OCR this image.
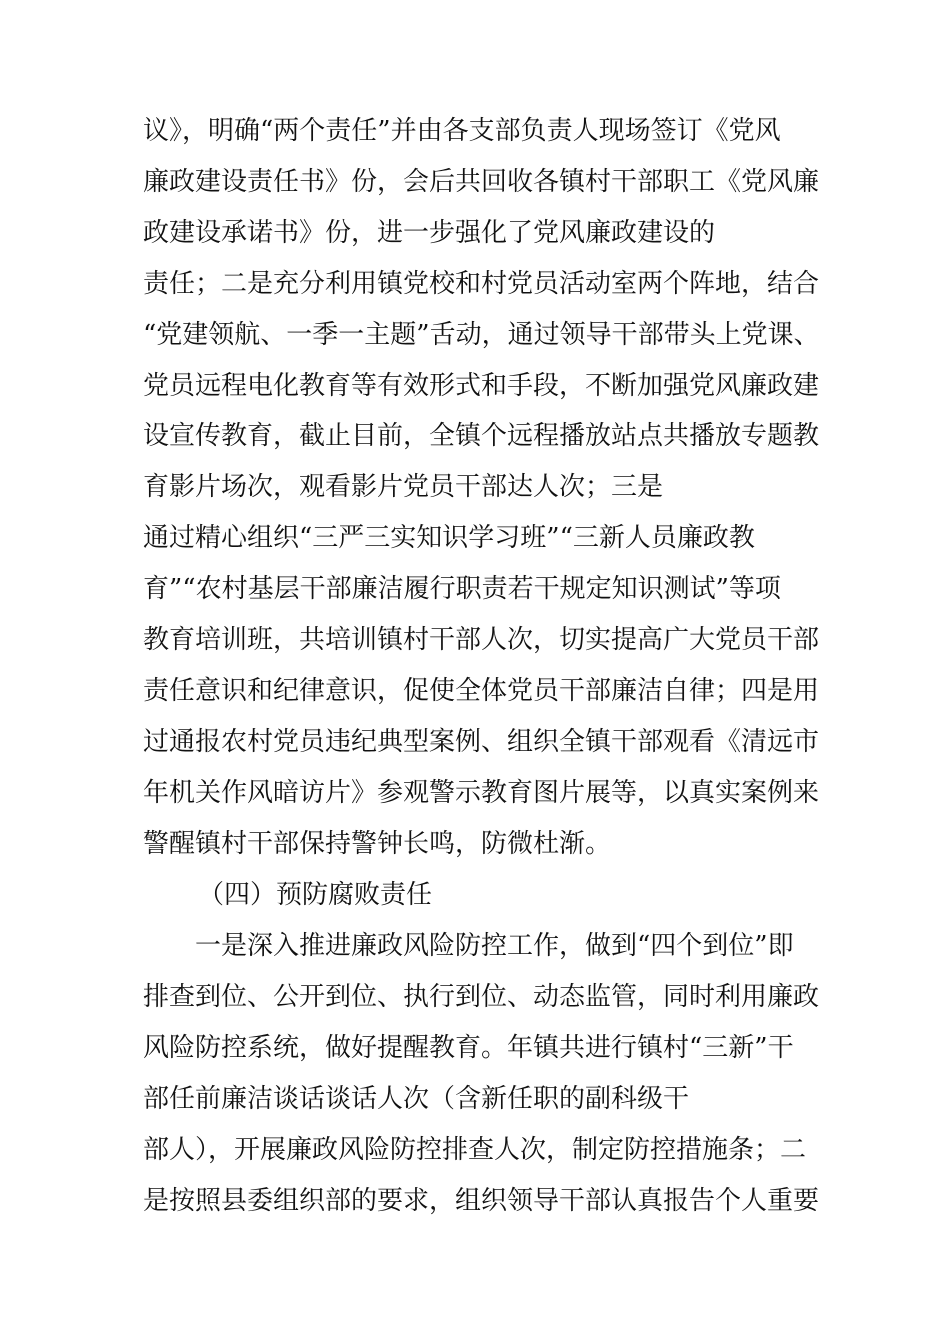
议》，明确“两个责任”并由各支部负责人现场签订《党风
廉政建设责任书》份，会后共回收各镇村干部职工《党风廉
政建设承诺书》份，进一步强化了党风廉政建设的
责任；二是充分利用镇党校和村党员活动室两个阵地，结合
“党建领航、一季一主题”舌动，通过领导干部带头上党课、
党员远程电化教育等有效形式和手段，不断加强党风廉政建
设宣传教育，截止目前，全镇个远程播放站点共播放专题教
育影片场次，观看影片党员干部达人次；三是
通过精心组织“三严三实知识学习班”“三新人员廉政教
育”“农村基层干部廉洁履行职责若干规定知识测试”等项
教育培训班，共培训镇村干部人次，切实提高广大党员干部
责任意识和纪律意识，促使全体党员干部廉洁自律；四是用
过通报农村党员违纪典型案例、组织全镇干部观看《清远市
年机关作风暗访片》参观警示教育图片展等，以真实案例来
警醒镇村干部保持警钟长鸣，防微杜渐。
（四）预防腐败责任
一是深入推进廉政风险防控工作，做到“四个到位”即
排查到位、公开到位、执行到位、动态监管，同时利用廉政
风险防控系统，做好提醒教育。年镇共进行镇村“三新”干
部任前廉洁谈话谈话人次（含新任职的副科级干
部人），开展廉政风险防控排查人次，制定防控措施条；二
是按照县委组织部的要求，组织领导干部认真报告个人重要
